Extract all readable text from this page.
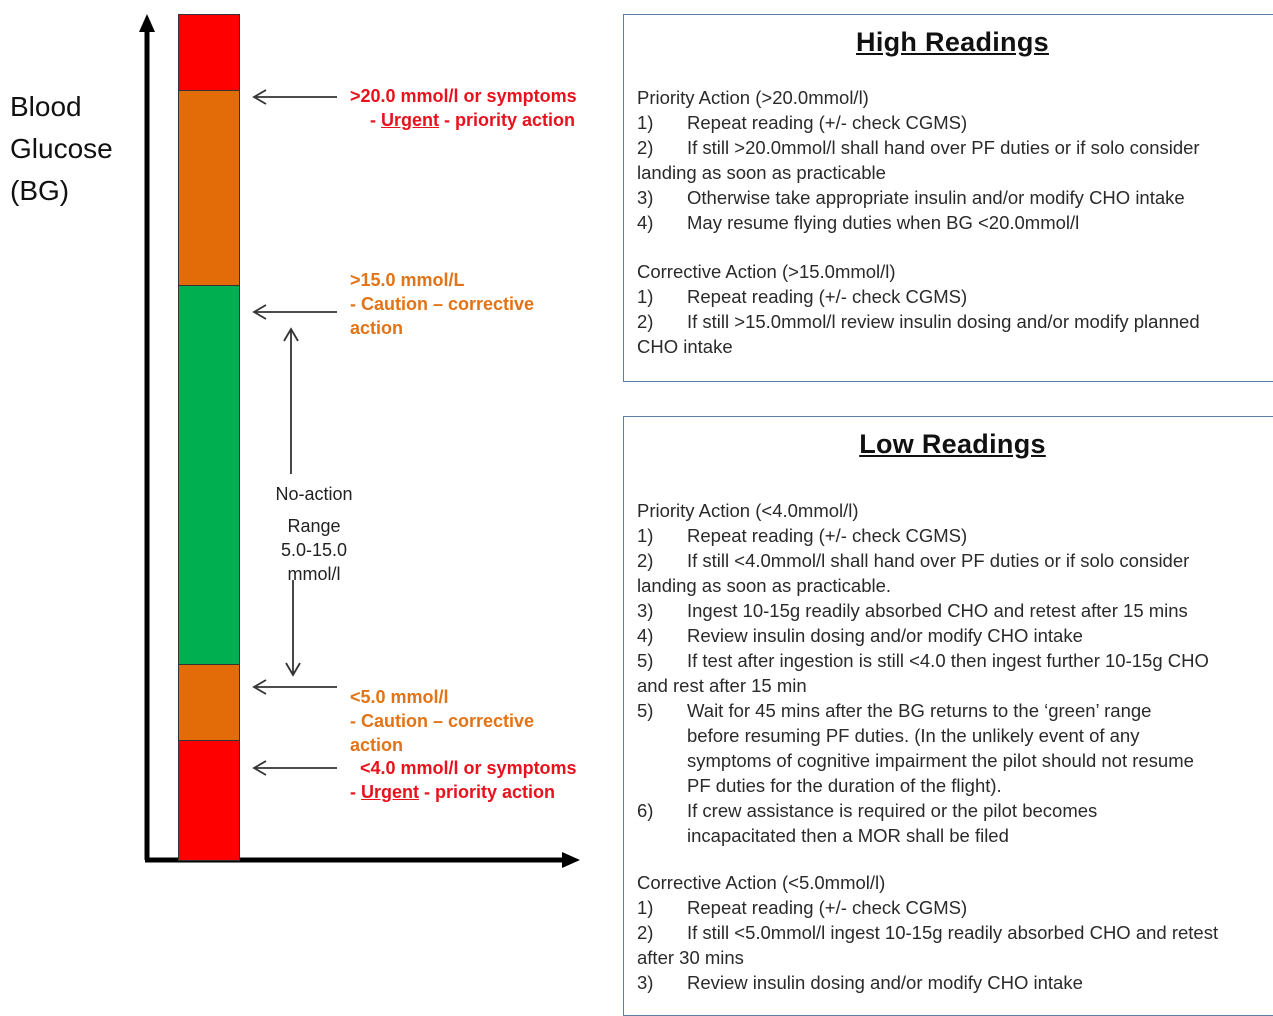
Blood
Glucose
(BG)
>20.0 mmol/l or symptoms
- Urgent - priority action
>15.0 mmol/L
- Caution – corrective
action
No-action
Range
5.0-15.0
mmol/l
<5.0 mmol/l
- Caution – corrective
action
<4.0 mmol/l or symptoms
- Urgent - priority action
High Readings
Priority Action (>20.0mmol/l)
1) Repeat reading (+/- check CGMS)
2) If still >20.0mmol/l shall hand over PF duties or if solo consider
landing as soon as practicable
3) Otherwise take appropriate insulin and/or modify CHO intake
4) May resume flying duties when BG <20.0mmol/l
Corrective Action (>15.0mmol/l)
1) Repeat reading (+/- check CGMS)
2) If still >15.0mmol/l review insulin dosing and/or modify planned
CHO intake
Low Readings
Priority Action (<4.0mmol/l)
1) Repeat reading (+/- check CGMS)
2) If still <4.0mmol/l shall hand over PF duties or if solo consider
landing as soon as practicable.
3) Ingest 10-15g readily absorbed CHO and retest after 15 mins
4) Review insulin dosing and/or modify CHO intake
5) If test after ingestion is still <4.0 then ingest further 10-15g CHO
and rest after 15 min
5)	Wait for 45 mins after the BG returns to the ‘green’ range
before resuming PF duties. (In the unlikely event of any
symptoms of cognitive impairment the pilot should not resume
PF duties for the duration of the flight).
6)	If crew assistance is required or the pilot becomes
incapacitated then a MOR shall be filed
Corrective Action (<5.0mmol/l)
1) Repeat reading (+/- check CGMS)
2) If still <5.0mmol/l ingest 10-15g readily absorbed CHO and retest
after 30 mins
3) Review insulin dosing and/or modify CHO intake
